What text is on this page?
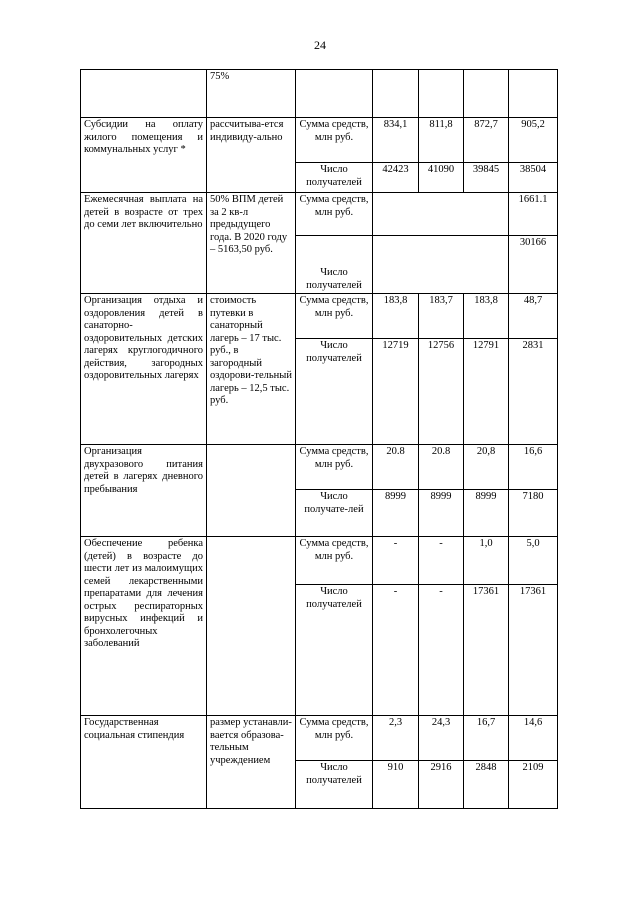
24
	75%					
Субсидии на оплату жилого помещения и коммунальных услуг *	рассчитыва-ется индивиду-ально	Сумма средств, млн руб.	834,1	811,8	872,7	905,2
		Число получателей	42423	41090	39845	38504
Ежемесячная выплата на детей в возрасте от трех до семи лет включительно	50% ВПМ детей за 2 кв-л предыдущего года. В 2020 году – 5163,50 руб.	Сумма средств, млн руб.				1661.1
		Число получателей				30166
Организация отдыха и оздоровления детей в санаторно-оздоровительных детских лагерях круглогодичного действия, загородных оздоровительных лагерях	стоимость путевки в санаторный лагерь – 17 тыс. руб., в загородный оздорови-тельный лагерь – 12,5 тыс. руб.	Сумма средств, млн руб.	183,8	183,7	183,8	48,7
		Число получателей	12719	12756	12791	2831
Организация двухразового питания детей в лагерях дневного пребывания		Сумма средств, млн руб.	20.8	20.8	20,8	16,6
		Число получате-лей	8999	8999	8999	7180
Обеспечение ребенка (детей) в возрасте до шести лет из малоимущих семей лекарственными препаратами для лечения острых респираторных вирусных инфекций и бронхолегочных заболеваний		Сумма средств, млн руб.	-	-	1,0	5,0
		Число получателей	-	-	17361	17361
Государственная социальная стипендия	размер устанавли-вается образова-тельным учреждением	Сумма средств, млн руб.	2,3	24,3	16,7	14,6
		Число получателей	910	2916	2848	2109
